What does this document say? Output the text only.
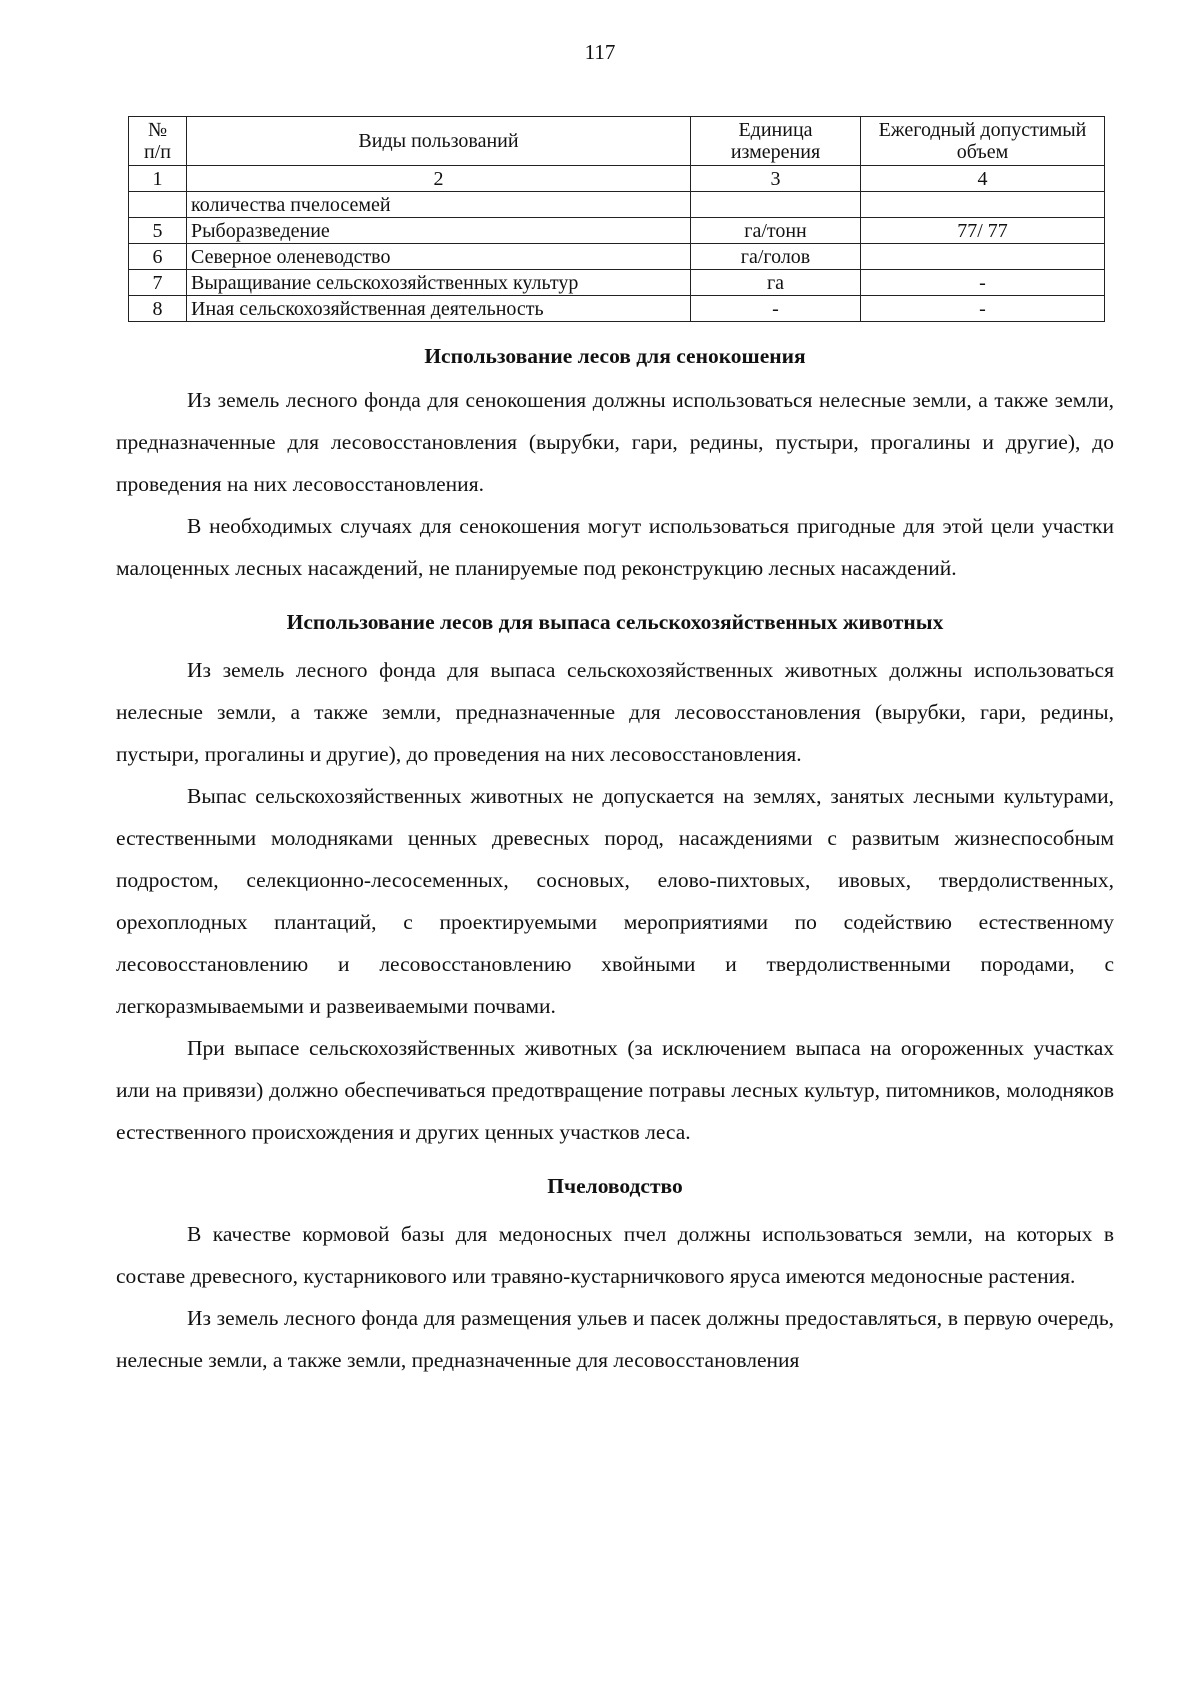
117
№
п/п	Виды пользований	Единица измерения	Ежегодный допустимый объем
1	2	3	4
	количества пчелосемей		
5	Рыборазведение	га/тонн	77/ 77
6	Северное оленеводство	га/голов	
7	Выращивание сельскохозяйственных культур	га	-
8	Иная сельскохозяйственная деятельность	-	-
Использование лесов для сенокошения

Из земель лесного фонда для сенокошения должны использоваться нелесные земли, а также земли, предназначенные для лесовосстановления (вырубки, гари, редины, пустыри, прогалины и другие), до проведения на них лесовосстановления.

В необходимых случаях для сенокошения могут использоваться пригодные для этой цели участки малоценных лесных насаждений, не планируемые под реконструкцию лесных насаждений.

Использование лесов для выпаса сельскохозяйственных животных

Из земель лесного фонда для выпаса сельскохозяйственных животных должны использоваться нелесные земли, а также земли, предназначенные для лесовосстановления (вырубки, гари, редины, пустыри, прогалины и другие), до проведения на них лесовосстановления.

Выпас сельскохозяйственных животных не допускается на землях, занятых лесными культурами, естественными молодняками ценных древесных пород, насаждениями с развитым жизнеспособным подростом, селекционно-лесосеменных, сосновых, елово-пихтовых, ивовых, твердолиственных, орехоплодных плантаций, с проектируемыми мероприятиями по содействию естественному лесовосстановлению и лесовосстановлению хвойными и твердолиственными породами, с легкоразмываемыми и развеиваемыми почвами.

При выпасе сельскохозяйственных животных (за исключением выпаса на огороженных участках или на привязи) должно обеспечиваться предотвращение потравы лесных культур, питомников, молодняков естественного происхождения и других ценных участков леса.

Пчеловодство

В качестве кормовой базы для медоносных пчел должны использоваться земли, на которых в составе древесного, кустарникового или травяно-кустарничкового яруса имеются медоносные растения.

Из земель лесного фонда для размещения ульев и пасек должны предоставляться, в первую очередь, нелесные земли, а также земли, предназначенные для лесовосстановления
